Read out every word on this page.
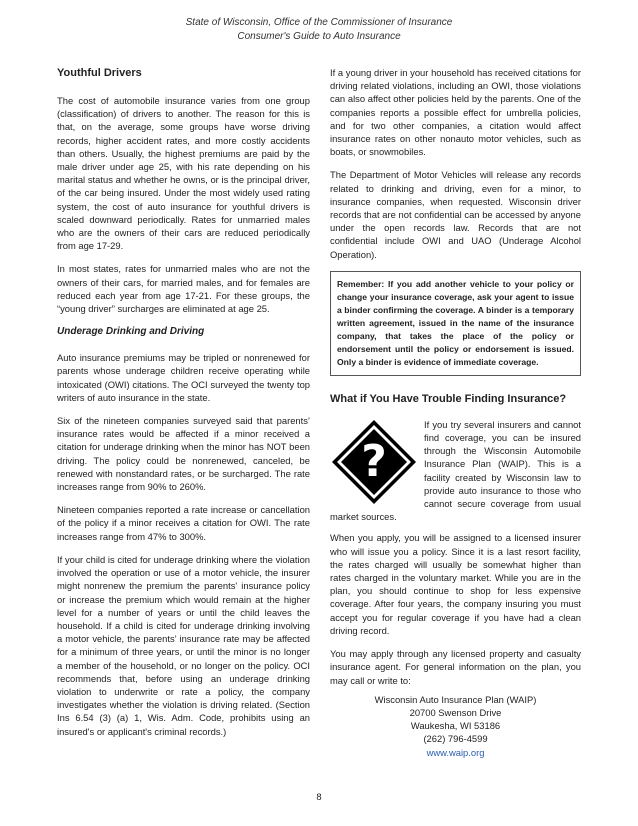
State of Wisconsin, Office of the Commissioner of Insurance
Consumer's Guide to Auto Insurance
Youthful Drivers

The cost of automobile insurance varies from one group (classification) of drivers to another. The reason for this is that, on the average, some groups have worse driving records, higher accident rates, and more costly accidents than others. Usually, the highest premiums are paid by the male driver under age 25, with his rate depending on his marital status and whether he owns, or is the principal driver, of the car being insured. Under the most widely used rating system, the cost of auto insurance for youthful drivers is scaled downward periodically. Rates for unmarried males who are the owners of their cars are reduced periodically from age 17-29.

In most states, rates for unmarried males who are not the owners of their cars, for married males, and for females are reduced each year from age 17-21. For these groups, the “young driver” surcharges are eliminated at age 25.

Underage Drinking and Driving

Auto insurance premiums may be tripled or nonrenewed for parents whose underage children receive operating while intoxicated (OWI) citations. The OCI surveyed the twenty top writers of auto insurance in the state.

Six of the nineteen companies surveyed said that parents’ insurance rates would be affected if a minor received a citation for underage drinking when the minor has NOT been driving. The policy could be nonrenewed, canceled, be renewed with nonstandard rates, or be surcharged. The rate increases range from 90% to 260%.

Nineteen companies reported a rate increase or cancellation of the policy if a minor receives a citation for OWI. The rate increases range from 47% to 300%.

If your child is cited for underage drinking where the violation involved the operation or use of a motor vehicle, the insurer might nonrenew the premium the parents' insurance policy or increase the premium which would remain at the higher level for a number of years or until the child leaves the household. If a child is cited for underage drinking involving a motor vehicle, the parents’ insurance rate may be affected for a minimum of three years, or until the minor is no longer a member of the household, or no longer on the policy. OCI recommends that, before using an underage drinking violation to underwrite or rate a policy, the company investigates whether the violation is driving related. (Section Ins 6.54 (3) (a) 1, Wis. Adm. Code, prohibits using an insured's or applicant's criminal records.)

If a young driver in your household has received citations for driving related violations, including an OWI, those violations can also affect other policies held by the parents. One of the companies reports a possible effect for umbrella policies, and for two other companies, a citation would affect insurance rates on other nonauto motor vehicles, such as boats, or snowmobiles.

The Department of Motor Vehicles will release any records related to drinking and driving, even for a minor, to insurance companies, when requested. Wisconsin driver records that are not confidential can be accessed by anyone under the open records law. Records that are not confidential include OWI and UAO (Underage Alcohol Operation).

Remember: If you add another vehicle to your policy or change your insurance coverage, ask your agent to issue a binder confirming the coverage. A binder is a temporary written agreement, issued in the name of the insurance company, that takes the place of the policy or endorsement until the policy or endorsement is issued. Only a binder is evidence of immediate coverage.
What if You Have Trouble Finding Insurance?
?

If you try several insurers and cannot find coverage, you can be insured through the Wisconsin Automobile Insurance Plan (WAIP). This is a facility created by Wisconsin law to provide auto insurance to those who cannot secure coverage from usual market sources.

When you apply, you will be assigned to a licensed insurer who will issue you a policy. Since it is a last resort facility, the rates charged will usually be somewhat higher than rates charged in the voluntary market. While you are in the plan, you should continue to shop for less expensive coverage. After four years, the company insuring you must accept you for regular coverage if you have had a clean driving record.

You may apply through any licensed property and casualty insurance agent. For general information on the plan, you may call or write to:

Wisconsin Auto Insurance Plan (WAIP)
20700 Swenson Drive
Waukesha, WI 53186
(262) 796-4599
www.waip.org
8
